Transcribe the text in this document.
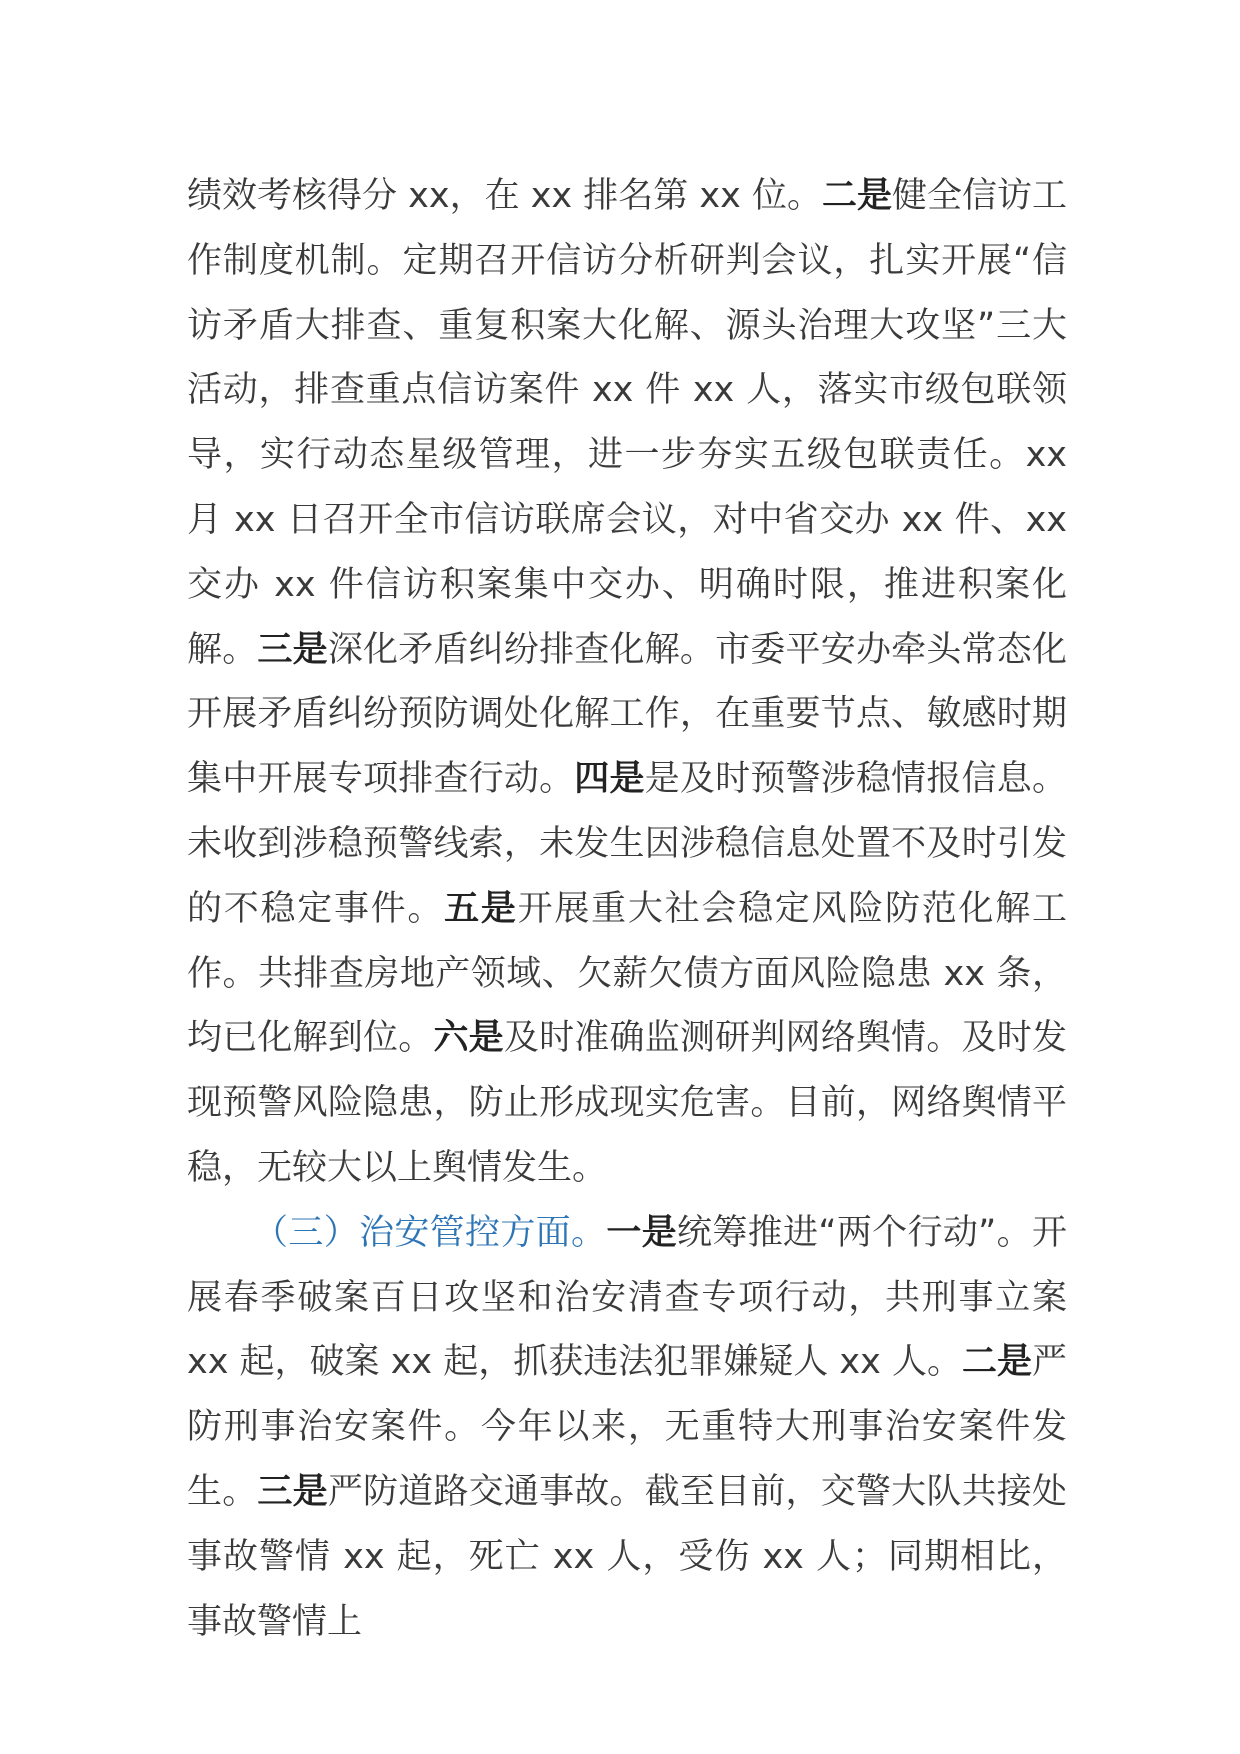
绩效考核得分 xx，在 xx 排名第 xx 位。二是健全信访工作制度机制。定期召开信访分析研判会议，扎实开展“信访矛盾大排查、重复积案大化解、源头治理大攻坚”三大活动，排查重点信访案件 xx 件 xx 人，落实市级包联领导，实行动态星级管理，进一步夯实五级包联责任。xx 月 xx 日召开全市信访联席会议，对中省交办 xx 件、xx 交办 xx 件信访积案集中交办、明确时限，推进积案化解。三是深化矛盾纠纷排查化解。市委平安办牵头常态化开展矛盾纠纷预防调处化解工作，在重要节点、敏感时期集中开展专项排查行动。四是是及时预警涉稳情报信息。未收到涉稳预警线索，未发生因涉稳信息处置不及时引发的不稳定事件。五是开展重大社会稳定风险防范化解工作。共排查房地产领域、欠薪欠债方面风险隐患 xx 条，均已化解到位。六是及时准确监测研判网络舆情。及时发现预警风险隐患，防止形成现实危害。目前，网络舆情平稳，无较大以上舆情发生。

（三）治安管控方面。一是统筹推进“两个行动”。开展春季破案百日攻坚和治安清查专项行动，共刑事立案 xx 起，破案 xx 起，抓获违法犯罪嫌疑人 xx 人。二是严防刑事治安案件。今年以来，无重特大刑事治安案件发生。三是严防道路交通事故。截至目前，交警大队共接处事故警情 xx 起，死亡 xx 人，受伤 xx 人；同期相比，事故警情上
